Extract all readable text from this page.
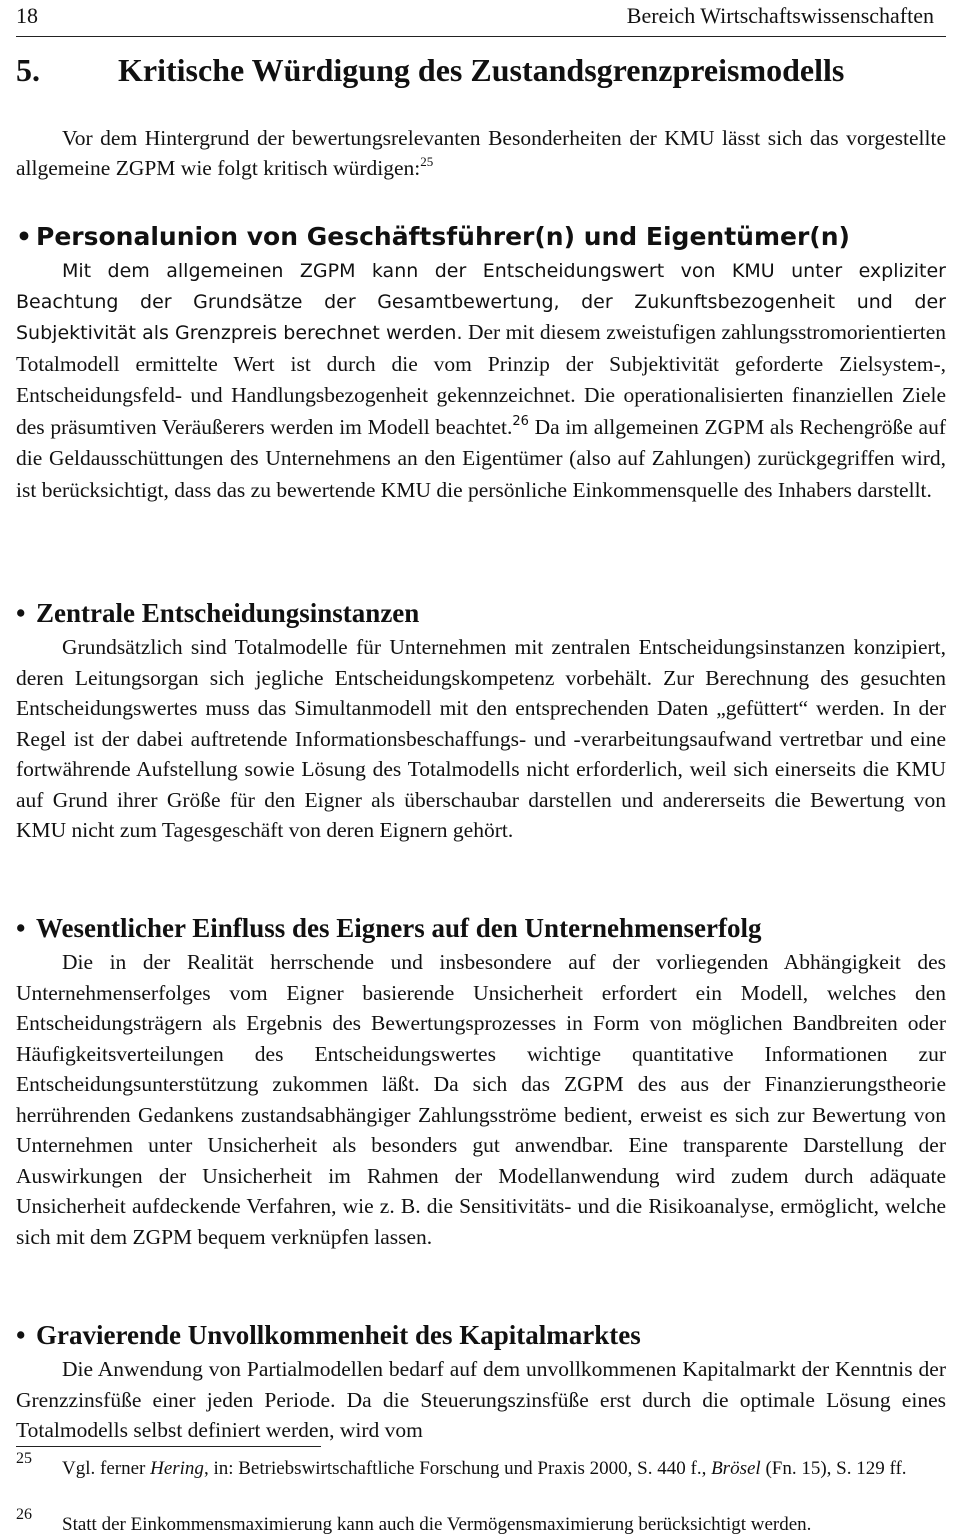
18	Bereich Wirtschaftswissenschaften
5. Kritische Würdigung des Zustandsgrenzpreismodells

Vor dem Hintergrund der bewertungsrelevanten Besonderheiten der KMU lässt sich das vorgestellte allgemeine ZGPM wie folgt kritisch würdigen:$^{25}$

• Personalunion von Geschäftsführer(n) und Eigentümer(n)

Mit dem allgemeinen ZGPM kann der Entscheidungswert von KMU unter expliziter Beachtung der Grundsätze der Gesamtbewertung, der Zukunftsbezogenheit und der Subjektivität als Grenzpreis berechnet werden. Der mit diesem zweistufigen zahlungsstromorientierten Totalmodell ermittelte Wert ist durch die vom Prinzip der Subjektivität geforderte Zielsystem-, Entscheidungsfeld- und Handlungsbezogenheit gekennzeichnet. Die operationalisierten finanziellen Ziele des präsumtiven Veräußerers werden im Modell beachtet.$^{26}$ Da im allgemeinen ZGPM als Rechengröße auf die Geldausschüttungen des Unternehmens an den Eigentümer (also auf Zahlungen) zurückgegriffen wird, ist berücksichtigt, dass das zu bewertende KMU die persönliche Einkommensquelle des Inhabers darstellt.

• Zentrale Entscheidungsinstanzen

Grundsätzlich sind Totalmodelle für Unternehmen mit zentralen Entscheidungsinstanzen konzipiert, deren Leitungsorgan sich jegliche Entscheidungskompetenz vorbehält. Zur Berechnung des gesuchten Entscheidungswertes muss das Simultanmodell mit den entsprechenden Daten „gefüttert“ werden. In der Regel ist der dabei auftretende Informationsbeschaffungs- und -verarbeitungsaufwand vertretbar und eine fortwährende Aufstellung sowie Lösung des Totalmodells nicht erforderlich, weil sich einerseits die KMU auf Grund ihrer Größe für den Eigner als überschaubar darstellen und andererseits die Bewertung von KMU nicht zum Tagesgeschäft von deren Eignern gehört.

• Wesentlicher Einfluss des Eigners auf den Unternehmenserfolg

Die in der Realität herrschende und insbesondere auf der vorliegenden Abhängigkeit des Unternehmenserfolges vom Eigner basierende Unsicherheit erfordert ein Modell, welches den Entscheidungsträgern als Ergebnis des Bewertungsprozesses in Form von möglichen Bandbreiten oder Häufigkeitsverteilungen des Entscheidungswertes wichtige quantitative Informationen zur Entscheidungsunterstützung zukommen läßt. Da sich das ZGPM des aus der Finanzierungstheorie herrührenden Gedankens zustandsabhängiger Zahlungsströme bedient, erweist es sich zur Bewertung von Unternehmen unter Unsicherheit als besonders gut anwendbar. Eine transparente Darstellung der Auswirkungen der Unsicherheit im Rahmen der Modellanwendung wird zudem durch adäquate Unsicherheit aufdeckende Verfahren, wie z. B. die Sensitivitäts- und die Risikoanalyse, ermöglicht, welche sich mit dem ZGPM bequem verknüpfen lassen.

• Gravierende Unvollkommenheit des Kapitalmarktes

Die Anwendung von Partialmodellen bedarf auf dem unvollkommenen Kapitalmarkt der Kenntnis der Grenzzinsfüße einer jeden Periode. Da die Steuerungszinsfüße erst durch die optimale Lösung eines Totalmodells selbst definiert werden, wird vom

25 Vgl. ferner Hering, in: Betriebswirtschaftliche Forschung und Praxis 2000, S. 440 f., Brösel (Fn. 15), S. 129 ff.
26 Statt der Einkommensmaximierung kann auch die Vermögensmaximierung berücksichtigt werden.
